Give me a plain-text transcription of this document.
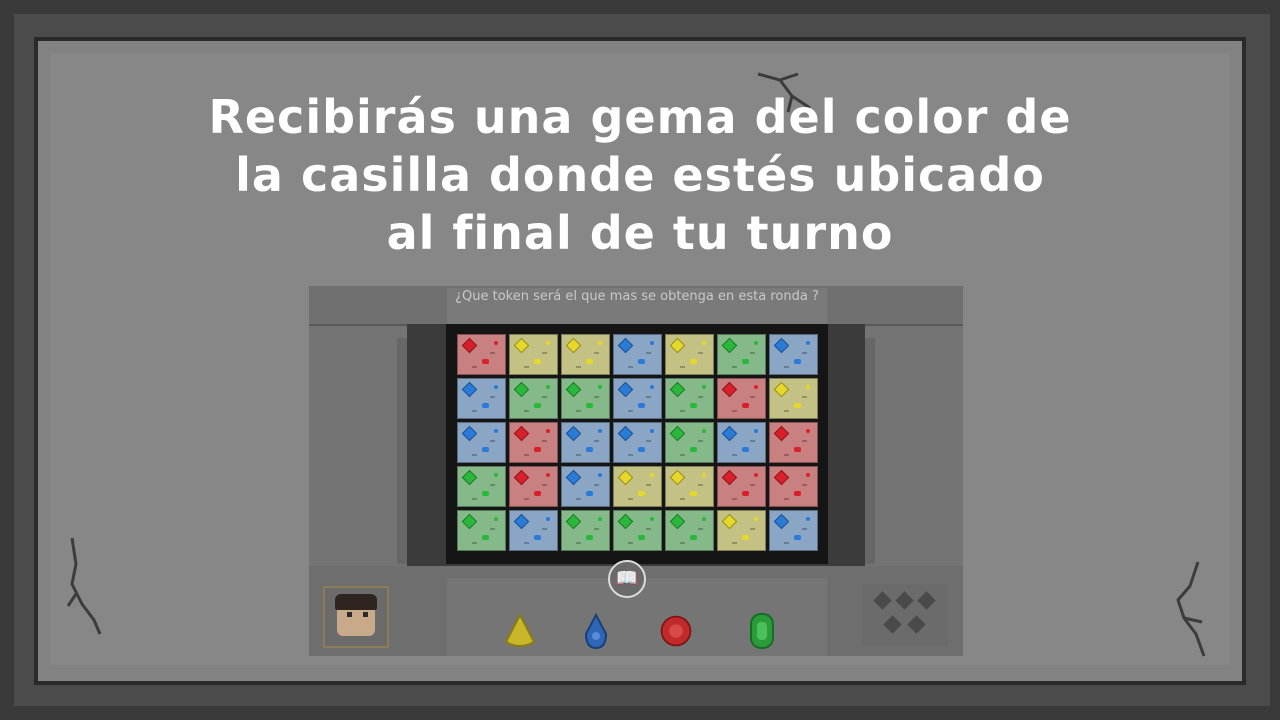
Recibirás una gema del color de
la casilla donde estés ubicado
al final de tu turno
¿Que token será el que mas se obtenga en esta ronda ?
📖
